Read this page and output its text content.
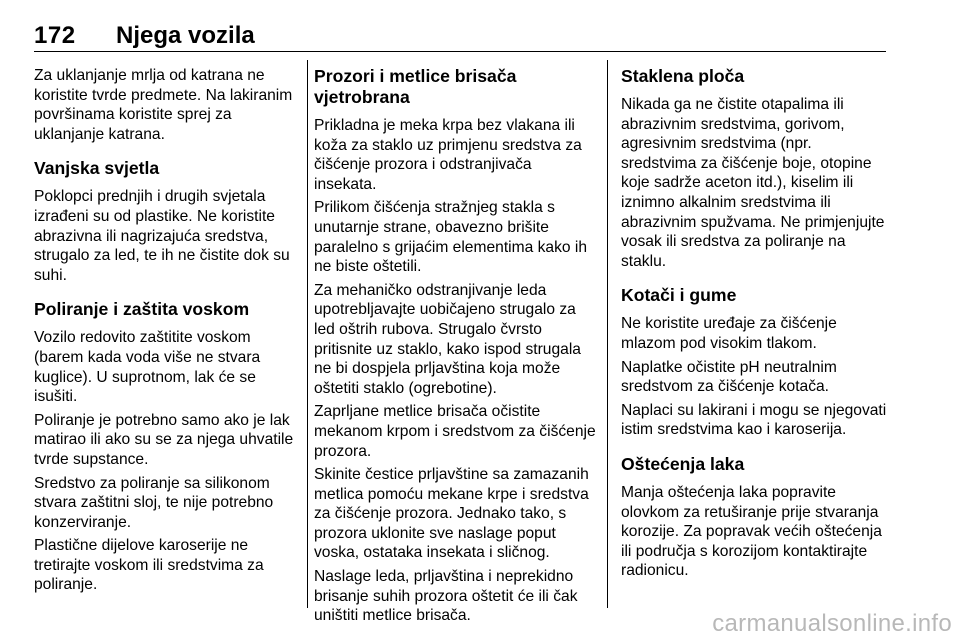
172 Njega vozila

Za uklanjanje mrlja od katrana ne koristite tvrde predmete. Na lakiranim površinama koristite sprej za uklanjanje katrana.

Vanjska svjetla

Poklopci prednjih i drugih svjetala izrađeni su od plastike. Ne koristite abrazivna ili nagrizajuća sredstva, strugalo za led, te ih ne čistite dok su suhi.

Poliranje i zaštita voskom

Vozilo redovito zaštitite voskom (barem kada voda više ne stvara kuglice). U suprotnom, lak će se isušiti.

Poliranje je potrebno samo ako je lak matirao ili ako su se za njega uhvatile tvrde supstance.

Sredstvo za poliranje sa silikonom stvara zaštitni sloj, te nije potrebno konzerviranje.

Plastične dijelove karoserije ne tretirajte voskom ili sredstvima za poliranje.

Prozori i metlice brisača vjetrobrana

Prikladna je meka krpa bez vlakana ili koža za staklo uz primjenu sredstva za čišćenje prozora i odstranjivača insekata.

Prilikom čišćenja stražnjeg stakla s unutarnje strane, obavezno brišite paralelno s grijaćim elementima kako ih ne biste oštetili.

Za mehaničko odstranjivanje leda upotrebljavajte uobičajeno strugalo za led oštrih rubova. Strugalo čvrsto pritisnite uz staklo, kako ispod strugala ne bi dospjela prljavština koja može oštetiti staklo (ogrebotine).

Zaprljane metlice brisača očistite mekanom krpom i sredstvom za čišćenje prozora.

Skinite čestice prljavštine sa zamazanih metlica pomoću mekane krpe i sredstva za čišćenje prozora. Jednako tako, s prozora uklonite sve naslage poput voska, ostataka insekata i sličnog.

Naslage leda, prljavština i neprekidno brisanje suhih prozora oštetit će ili čak uništiti metlice brisača.

Staklena ploča

Nikada ga ne čistite otapalima ili abrazivnim sredstvima, gorivom, agresivnim sredstvima (npr. sredstvima za čišćenje boje, otopine koje sadrže aceton itd.), kiselim ili iznimno alkalnim sredstvima ili abrazivnim spužvama. Ne primjenjujte vosak ili sredstva za poliranje na staklu.

Kotači i gume

Ne koristite uređaje za čišćenje mlazom pod visokim tlakom.

Naplatke očistite pH neutralnim sredstvom za čišćenje kotača.

Naplaci su lakirani i mogu se njegovati istim sredstvima kao i karoserija.

Oštećenja laka

Manja oštećenja laka popravite olovkom za retuširanje prije stvaranja korozije. Za popravak većih oštećenja ili područja s korozijom kontaktirajte radionicu.

carmanualsonline.info
